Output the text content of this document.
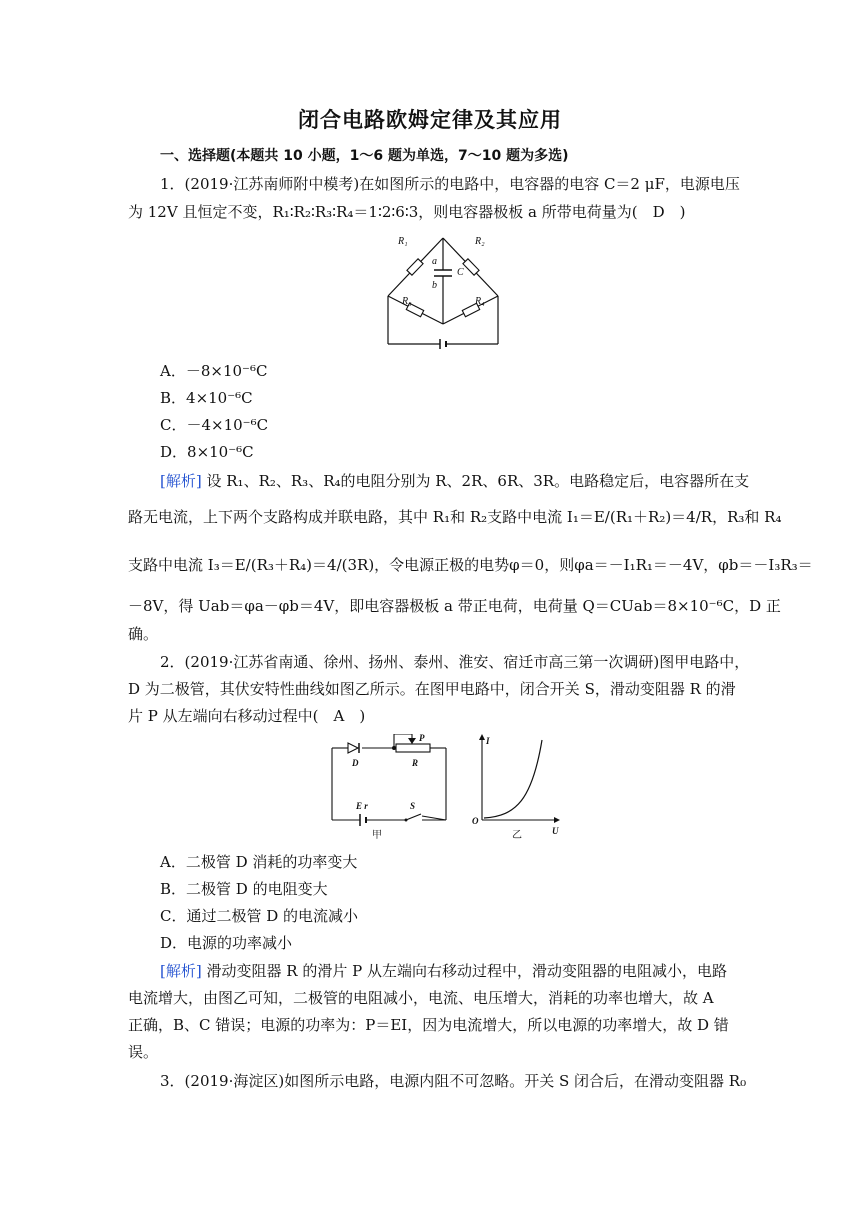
闭合电路欧姆定律及其应用
一、选择题(本题共 10 小题，1～6 题为单选，7～10 题为多选)
1．(2019·江苏南师附中模考)在如图所示的电路中，电容器的电容 C＝2 μF，电源电压
为 12V 且恒定不变，R₁∶R₂∶R₃∶R₄＝1∶2∶6∶3，则电容器极板 a 所带电荷量为(　D　)
R₁	R₂
a
C
b
R₃	R₄
A．－8×10⁻⁶C
B．4×10⁻⁶C
C．－4×10⁻⁶C
D．8×10⁻⁶C
[解析] 设 R₁、R₂、R₃、R₄的电阻分别为 R、2R、6R、3R。电路稳定后，电容器所在支
路无电流，上下两个支路构成并联电路，其中 R₁和 R₂支路中电流 I₁＝E/(R₁＋R₂)＝4/R，R₃和 R₄
支路中电流 I₃＝E/(R₃＋R₄)＝4/(3R)，令电源正极的电势φ＝0，则φa＝－I₁R₁＝－4V，φb＝－I₃R₃＝
－8V，得 Uab＝φa－φb＝4V，即电容器极板 a 带正电荷，电荷量 Q＝CUab＝8×10⁻⁶C，D 正
确。
2．(2019·江苏省南通、徐州、扬州、泰州、淮安、宿迁市高三第一次调研)图甲电路中，
D 为二极管，其伏安特性曲线如图乙所示。在图甲电路中，闭合开关 S，滑动变阻器 R 的滑
片 P 从左端向右移动过程中(　A　)
D	R
P
E r	S
I
O
U
甲	乙
A．二极管 D 消耗的功率变大
B．二极管 D 的电阻变大
C．通过二极管 D 的电流减小
D．电源的功率减小
[解析] 滑动变阻器 R 的滑片 P 从左端向右移动过程中，滑动变阻器的电阻减小，电路
电流增大，由图乙可知，二极管的电阻减小，电流、电压增大，消耗的功率也增大，故 A
正确，B、C 错误；电源的功率为：P＝EI，因为电流增大，所以电源的功率增大，故 D 错
误。
3．(2019·海淀区)如图所示电路，电源内阻不可忽略。开关 S 闭合后，在滑动变阻器 R₀
